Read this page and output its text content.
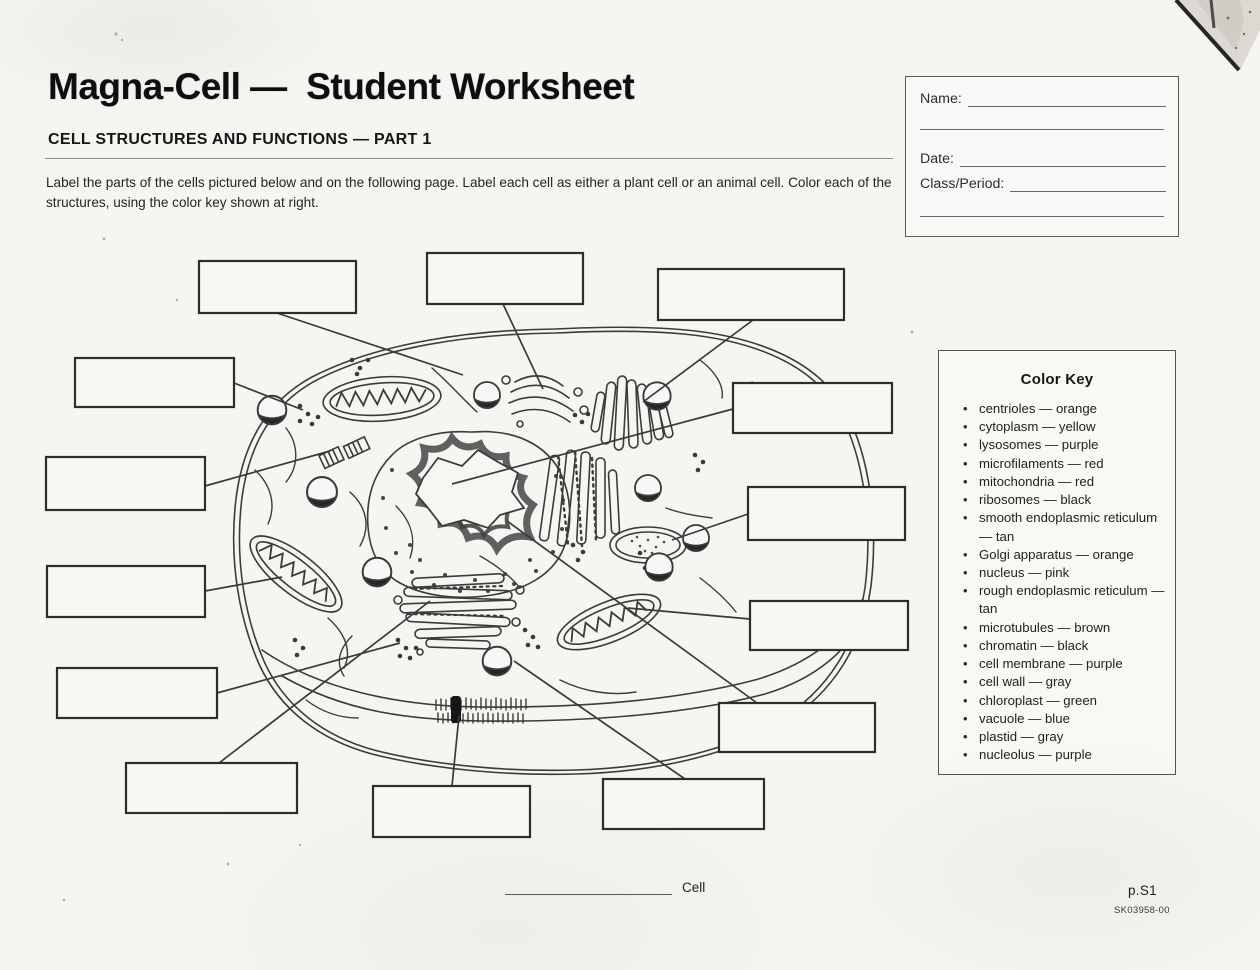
Magna-Cell —  Student Worksheet
CELL STRUCTURES AND FUNCTIONS — PART 1

Label the parts of the cells pictured below and on the following page. Label each cell as either a plant cell or an animal cell. Color each of the structures, using the color key shown at right.

Name:
Date:
Class/Period:
Color Key
• centrioles — orange
• cytoplasm — yellow
• lysosomes — purple
• microfilaments — red
• mitochondria — red
• ribosomes — black
• smooth endoplasmic reticulum — tan
• Golgi apparatus — orange
• nucleus — pink
• rough endoplasmic reticulum — tan
• microtubules — brown
• chromatin — black
• cell membrane — purple
• cell wall — gray
• chloroplast — green
• vacuole — blue
• plastid — gray
• nucleolus — purple
Cell	p.S1
SK03958-00
